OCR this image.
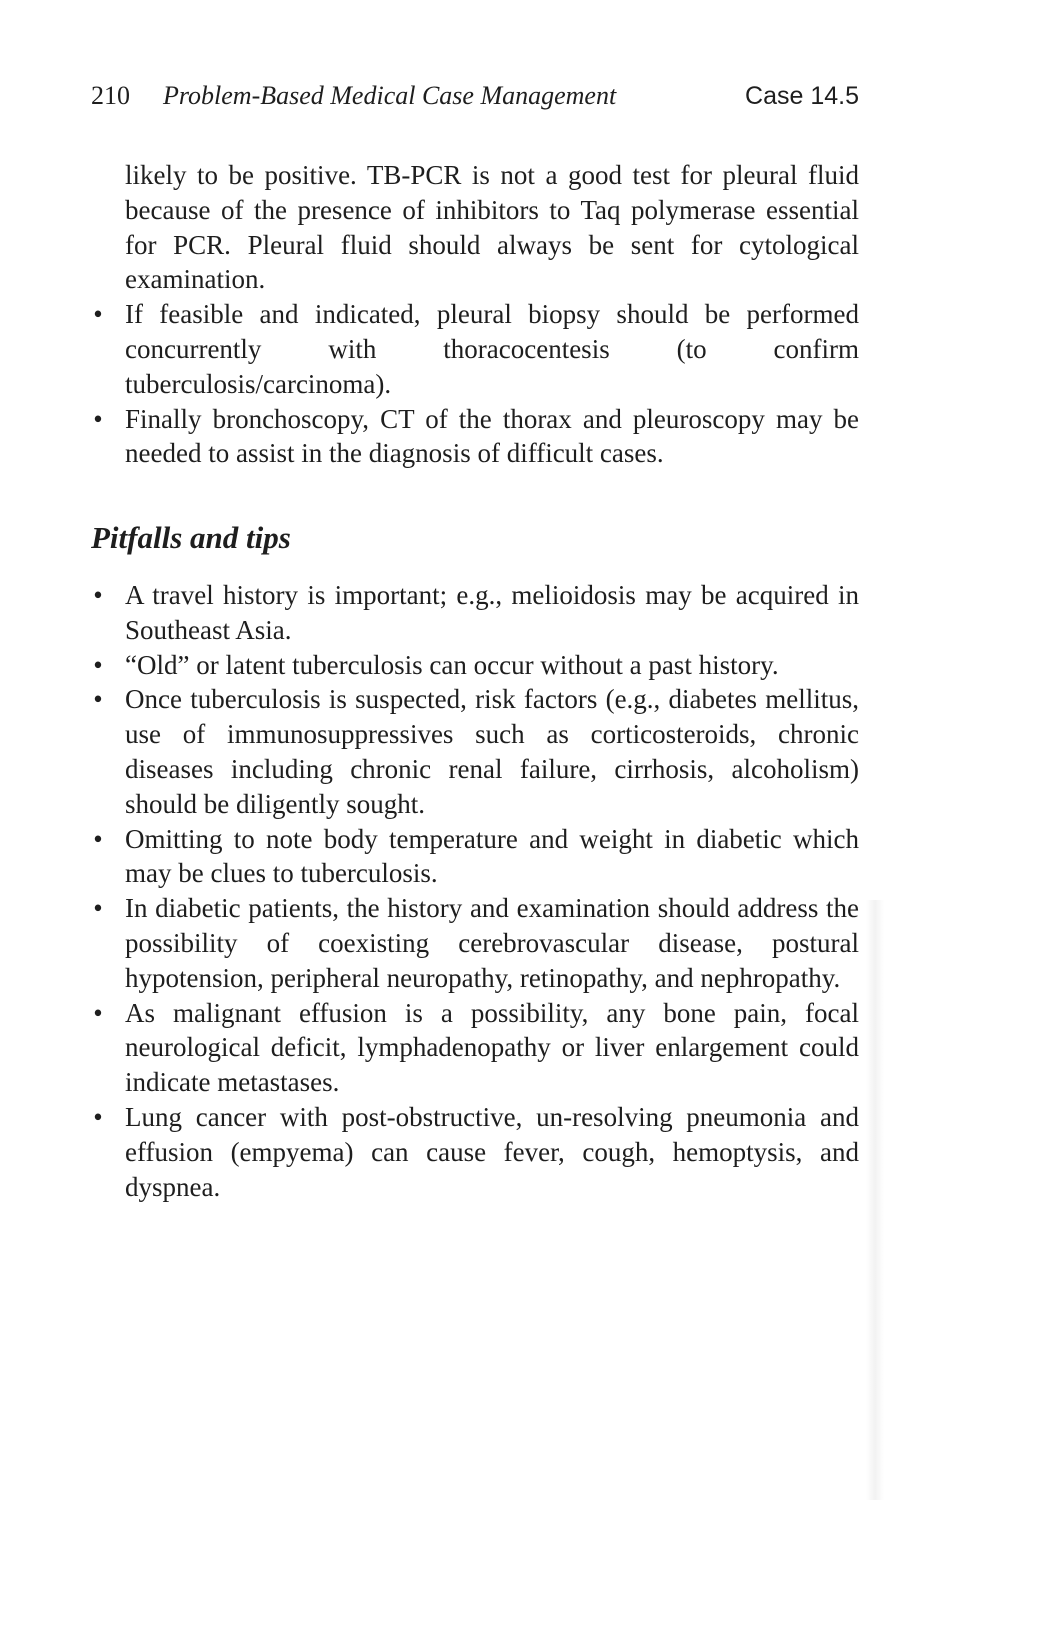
210 Problem-Based Medical Case Management	Case 14.5

likely to be positive. TB-PCR is not a good test for pleural fluid because of the presence of inhibitors to Taq polymerase essential for PCR. Pleural fluid should always be sent for cytological examination.

• If feasible and indicated, pleural biopsy should be performed concurrently with thoracocentesis (to confirm tuberculosis/carcinoma).
• Finally bronchoscopy, CT of the thorax and pleuroscopy may be needed to assist in the diagnosis of difficult cases.
Pitfalls and tips
• A travel history is important; e.g., melioidosis may be acquired in Southeast Asia.
• “Old” or latent tuberculosis can occur without a past history.
• Once tuberculosis is suspected, risk factors (e.g., diabetes mellitus, use of immunosuppressives such as corticosteroids, chronic diseases including chronic renal failure, cirrhosis, alcoholism) should be diligently sought.
• Omitting to note body temperature and weight in diabetic which may be clues to tuberculosis.
• In diabetic patients, the history and examination should address the possibility of coexisting cerebrovascular disease, postural hypotension, peripheral neuropathy, retinopathy, and nephropathy.
• As malignant effusion is a possibility, any bone pain, focal neurological deficit, lymphadenopathy or liver enlargement could indicate metastases.
• Lung cancer with post-obstructive, un-resolving pneumonia and effusion (empyema) can cause fever, cough, hemoptysis, and dyspnea.
